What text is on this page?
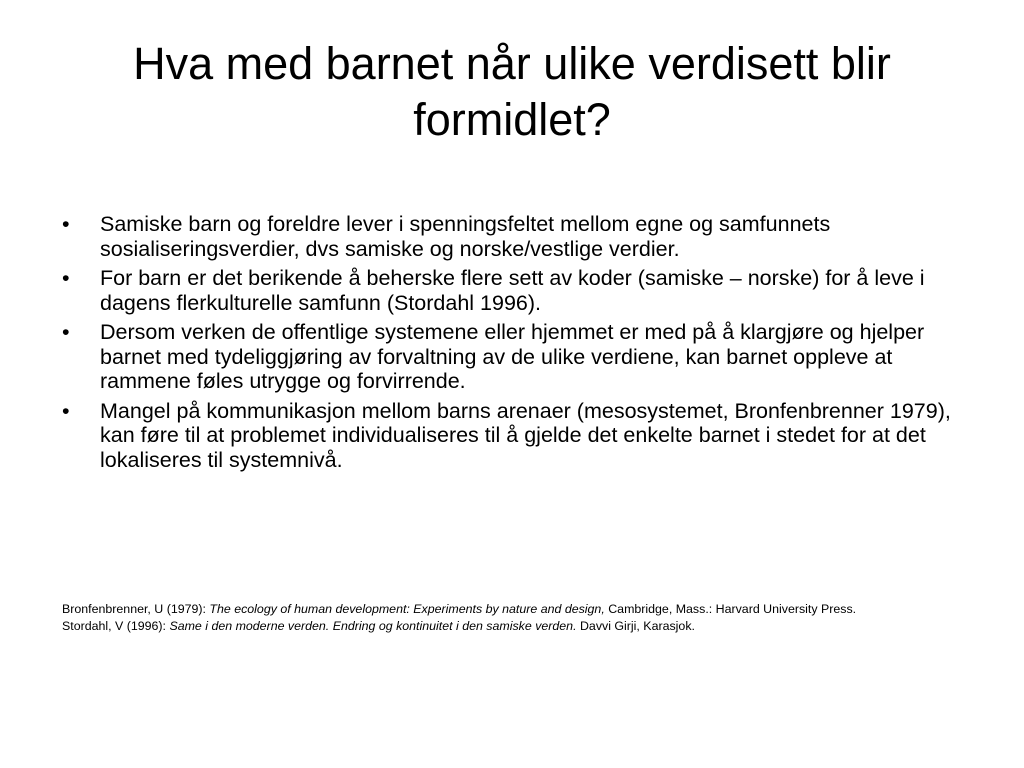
Hva med barnet når ulike verdisett blir formidlet?
• Samiske barn og foreldre lever i spenningsfeltet mellom egne og samfunnets sosialiseringsverdier, dvs samiske og norske/vestlige verdier.
• For barn er det berikende å beherske flere sett av koder (samiske – norske) for å leve i dagens flerkulturelle samfunn (Stordahl 1996).
• Dersom verken de offentlige systemene eller hjemmet er med på å klargjøre og hjelper barnet med tydeliggjøring av forvaltning av de ulike verdiene, kan barnet oppleve at rammene føles utrygge og forvirrende.
• Mangel på kommunikasjon mellom barns arenaer (mesosystemet, Bronfenbrenner 1979), kan føre til at problemet individualiseres til å gjelde det enkelte barnet i stedet for at det lokaliseres til systemnivå.
Bronfenbrenner, U (1979): The ecology of human development: Experiments by nature and design, Cambridge, Mass.: Harvard University Press.
Stordahl, V (1996): Same i den moderne verden. Endring og kontinuitet i den samiske verden. Davvi Girji, Karasjok.
